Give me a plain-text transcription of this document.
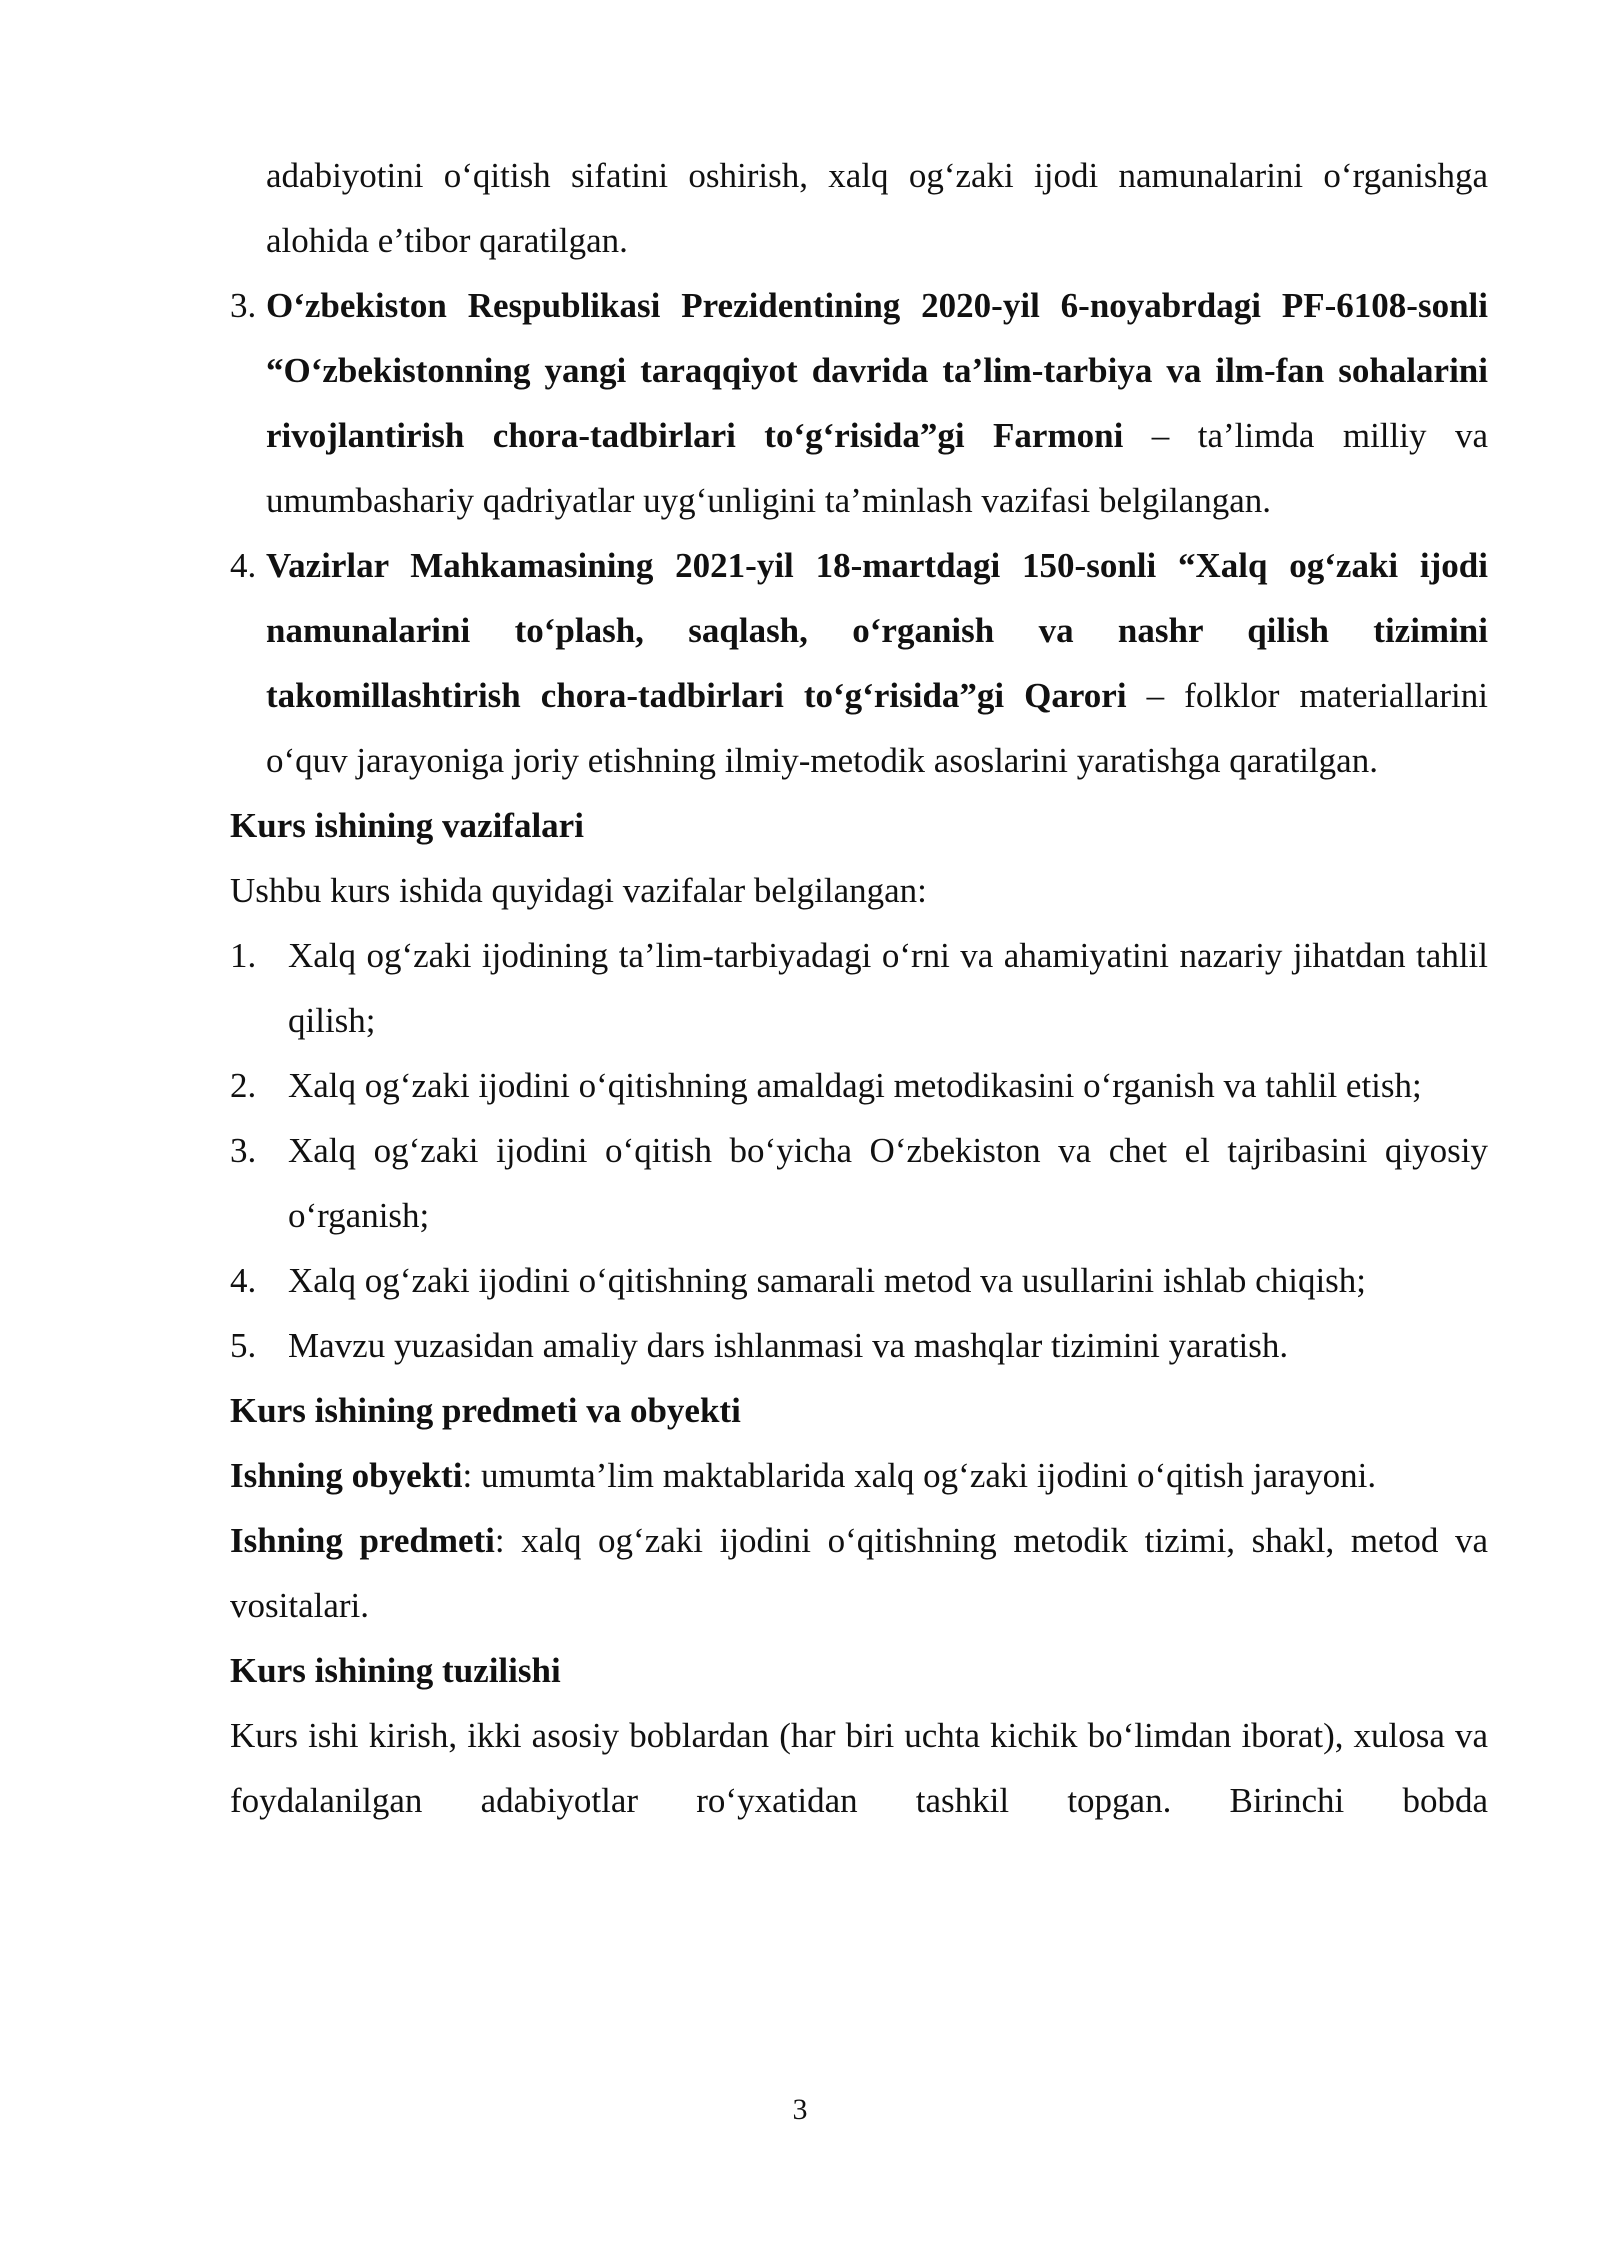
adabiyotini o‘qitish sifatini oshirish, xalq og‘zaki ijodi namunalarini o‘rganishga alohida e’tibor qaratilgan.

3. O‘zbekiston Respublikasi Prezidentining 2020-yil 6-noyabrdagi PF-6108-sonli “O‘zbekistonning yangi taraqqiyot davrida ta’lim-tarbiya va ilm-fan sohalarini rivojlantirish chora-tadbirlari to‘g‘risida”gi Farmoni – ta’limda milliy va umumbashariy qadriyatlar uyg‘unligini ta’minlash vazifasi belgilangan.

4. Vazirlar Mahkamasining 2021-yil 18-martdagi 150-sonli “Xalq og‘zaki ijodi namunalarini to‘plash, saqlash, o‘rganish va nashr qilish tizimini takomillashtirish chora-tadbirlari to‘g‘risida”gi Qarori – folklor materiallarini o‘quv jarayoniga joriy etishning ilmiy-metodik asoslarini yaratishga qaratilgan.

Kurs ishining vazifalari

Ushbu kurs ishida quyidagi vazifalar belgilangan:

1. Xalq og‘zaki ijodining ta’lim-tarbiyadagi o‘rni va ahamiyatini nazariy jihatdan tahlil qilish;

2. Xalq og‘zaki ijodini o‘qitishning amaldagi metodikasini o‘rganish va tahlil etish;

3. Xalq og‘zaki ijodini o‘qitish bo‘yicha O‘zbekiston va chet el tajribasini qiyosiy o‘rganish;

4. Xalq og‘zaki ijodini o‘qitishning samarali metod va usullarini ishlab chiqish;

5. Mavzu yuzasidan amaliy dars ishlanmasi va mashqlar tizimini yaratish.

Kurs ishining predmeti va obyekti

Ishning obyekti: umumta’lim maktablarida xalq og‘zaki ijodini o‘qitish jarayoni.

Ishning predmeti: xalq og‘zaki ijodini o‘qitishning metodik tizimi, shakl, metod va vositalari.

Kurs ishining tuzilishi

Kurs ishi kirish, ikki asosiy boblardan (har biri uchta kichik bo‘limdan iborat), xulosa va foydalanilgan adabiyotlar ro‘yxatidan tashkil topgan. Birinchi bobda

3
